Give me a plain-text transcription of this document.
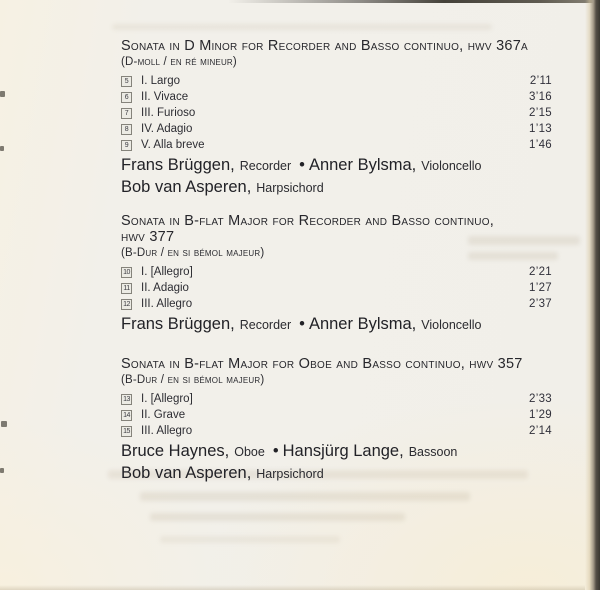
Sonata in D Minor for Recorder and Basso continuo, hwv 367a
(D-moll / en ré mineur)
5	I. Largo	2’11
6	II. Vivace	3’16
7	III. Furioso	2’15
8	IV. Adagio	1’13
9	V. Alla breve	1’46
Frans Brüggen , Recorder • Anner Bylsma , Violoncello
Bob van Asperen , Harpsichord
Sonata in B-flat Major for Recorder and Basso continuo,
hwv 377
(B-Dur / en si bémol majeur)
10 I. [Allegro]	2’21
11 II. Adagio	1’27
12 III. Allegro	2’37
Frans Brüggen , Recorder • Anner Bylsma , Violoncello
Sonata in B-flat Major for Oboe and Basso continuo, hwv 357
(B-Dur / en si bémol majeur)
13 I. [Allegro]	2’33
14 II. Grave	1’29
15 III. Allegro	2’14
Bruce Haynes , Oboe • Hansjürg Lange , Bassoon
Bob van Asperen , Harpsichord
